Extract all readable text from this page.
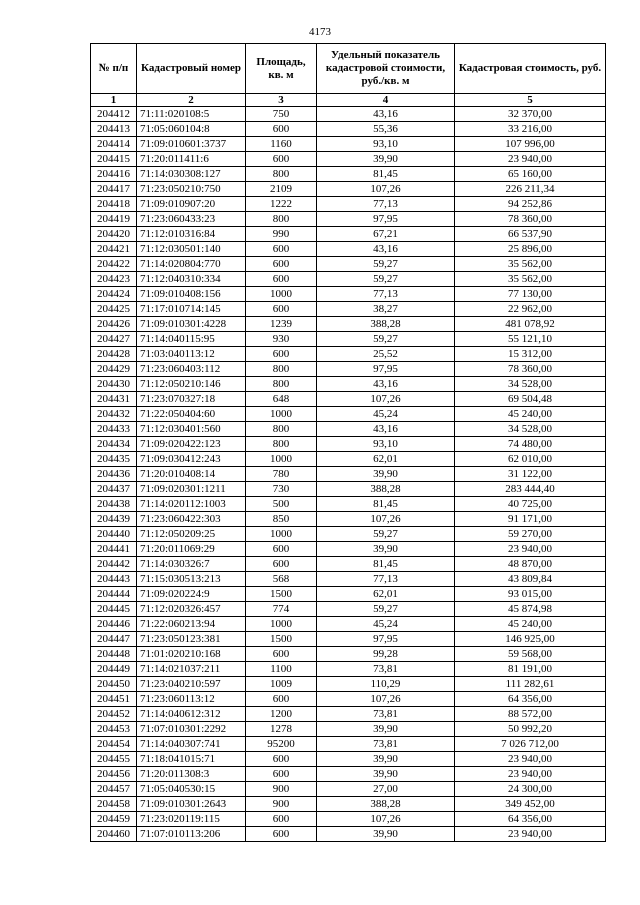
4173
№ п/п	Кадастровый номер	Площадь, кв. м	Удельный показатель кадастровой стоимости, руб./кв. м	Кадастровая стоимость, руб.
1	2	3	4	5
204412	71:11:020108:5	750	43,16	32 370,00
204413	71:05:060104:8	600	55,36	33 216,00
204414	71:09:010601:3737	1160	93,10	107 996,00
204415	71:20:011411:6	600	39,90	23 940,00
204416	71:14:030308:127	800	81,45	65 160,00
204417	71:23:050210:750	2109	107,26	226 211,34
204418	71:09:010907:20	1222	77,13	94 252,86
204419	71:23:060433:23	800	97,95	78 360,00
204420	71:12:010316:84	990	67,21	66 537,90
204421	71:12:030501:140	600	43,16	25 896,00
204422	71:14:020804:770	600	59,27	35 562,00
204423	71:12:040310:334	600	59,27	35 562,00
204424	71:09:010408:156	1000	77,13	77 130,00
204425	71:17:010714:145	600	38,27	22 962,00
204426	71:09:010301:4228	1239	388,28	481 078,92
204427	71:14:040115:95	930	59,27	55 121,10
204428	71:03:040113:12	600	25,52	15 312,00
204429	71:23:060403:112	800	97,95	78 360,00
204430	71:12:050210:146	800	43,16	34 528,00
204431	71:23:070327:18	648	107,26	69 504,48
204432	71:22:050404:60	1000	45,24	45 240,00
204433	71:12:030401:560	800	43,16	34 528,00
204434	71:09:020422:123	800	93,10	74 480,00
204435	71:09:030412:243	1000	62,01	62 010,00
204436	71:20:010408:14	780	39,90	31 122,00
204437	71:09:020301:1211	730	388,28	283 444,40
204438	71:14:020112:1003	500	81,45	40 725,00
204439	71:23:060422:303	850	107,26	91 171,00
204440	71:12:050209:25	1000	59,27	59 270,00
204441	71:20:011069:29	600	39,90	23 940,00
204442	71:14:030326:7	600	81,45	48 870,00
204443	71:15:030513:213	568	77,13	43 809,84
204444	71:09:020224:9	1500	62,01	93 015,00
204445	71:12:020326:457	774	59,27	45 874,98
204446	71:22:060213:94	1000	45,24	45 240,00
204447	71:23:050123:381	1500	97,95	146 925,00
204448	71:01:020210:168	600	99,28	59 568,00
204449	71:14:021037:211	1100	73,81	81 191,00
204450	71:23:040210:597	1009	110,29	111 282,61
204451	71:23:060113:12	600	107,26	64 356,00
204452	71:14:040612:312	1200	73,81	88 572,00
204453	71:07:010301:2292	1278	39,90	50 992,20
204454	71:14:040307:741	95200	73,81	7 026 712,00
204455	71:18:041015:71	600	39,90	23 940,00
204456	71:20:011308:3	600	39,90	23 940,00
204457	71:05:040530:15	900	27,00	24 300,00
204458	71:09:010301:2643	900	388,28	349 452,00
204459	71:23:020119:115	600	107,26	64 356,00
204460	71:07:010113:206	600	39,90	23 940,00
